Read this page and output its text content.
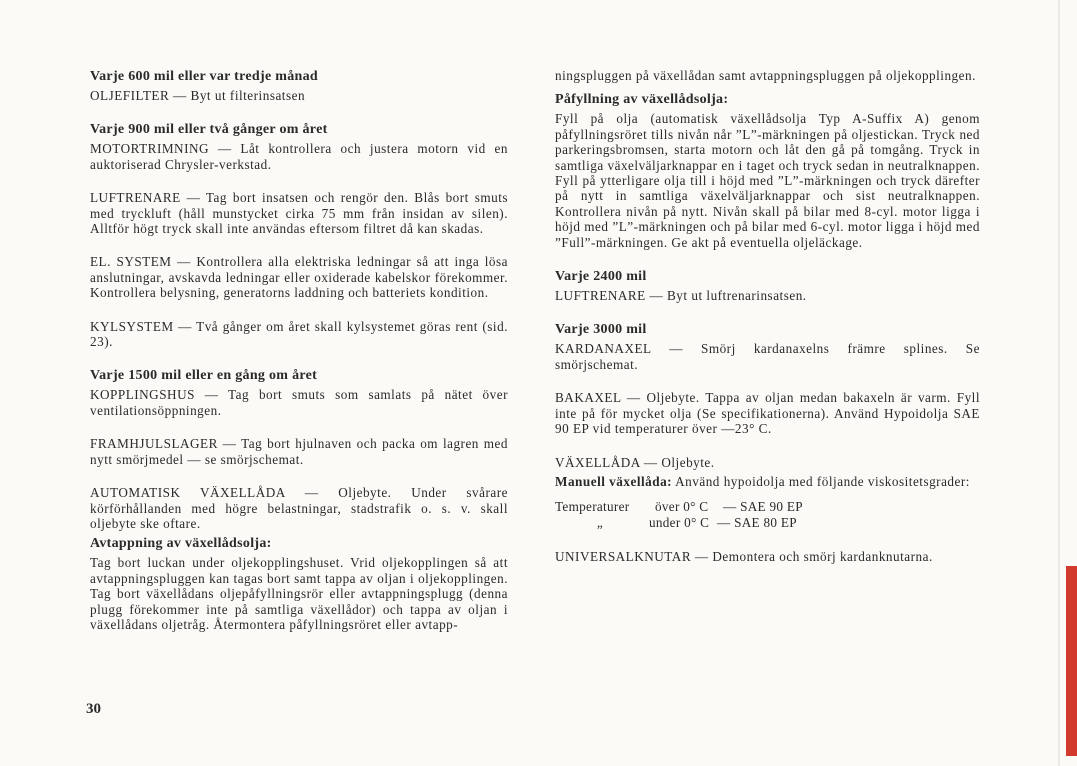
Varje 600 mil eller var tredje månad

OLJEFILTER — Byt ut filterinsatsen

Varje 900 mil eller två gånger om året

MOTORTRIMNING — Låt kontrollera och justera motorn vid en auktoriserad Chrysler-verkstad.

LUFTRENARE — Tag bort insatsen och rengör den. Blås bort smuts med tryckluft (håll munstycket cirka 75 mm från insidan av silen). Alltför högt tryck skall inte användas eftersom filtret då kan skadas.

EL. SYSTEM — Kontrollera alla elektriska ledningar så att inga lösa anslutningar, avskavda ledningar eller oxiderade kabelskor förekommer. Kontrollera belysning, generatorns laddning och batteriets kondition.

KYLSYSTEM — Två gånger om året skall kylsystemet göras rent (sid. 23).

Varje 1500 mil eller en gång om året

KOPPLINGSHUS — Tag bort smuts som samlats på nätet över ventilationsöppningen.

FRAMHJULSLAGER — Tag bort hjulnaven och packa om lagren med nytt smörjmedel — se smörjschemat.

AUTOMATISK VÄXELLÅDA — Oljebyte. Under svårare körförhållanden med högre belastningar, stadstrafik o. s. v. skall oljebyte ske oftare.

Avtappning av växellådsolja:

Tag bort luckan under oljekopplingshuset. Vrid oljekopplingen så att avtappningspluggen kan tagas bort samt tappa av oljan i oljekopplingen. Tag bort växellådans oljepåfyllningsrör eller avtappningsplugg (denna plugg förekommer inte på samtliga växellådor) och tappa av oljan i växellådans oljetråg. Återmontera påfyllningsröret eller avtapp-

ningspluggen på växellådan samt avtappningspluggen på oljekopplingen.

Påfyllning av växellådsolja:

Fyll på olja (automatisk växellådsolja Typ A-Suffix A) genom påfyllningsröret tills nivån når ”L”-märkningen på oljestickan. Tryck ned parkeringsbromsen, starta motorn och låt den gå på tomgång. Tryck in samtliga växelväljarknappar en i taget och tryck sedan in neutralknappen. Fyll på ytterligare olja till i höjd med ”L”-märkningen och tryck därefter på nytt in samtliga växelväljarknappar och sist neutralknappen. Kontrollera nivån på nytt. Nivån skall på bilar med 8-cyl. motor ligga i höjd med ”L”-märkningen och på bilar med 6-cyl. motor ligga i höjd med ”Full”-märkningen. Ge akt på eventuella oljeläckage.

Varje 2400 mil

LUFTRENARE — Byt ut luftrenarinsatsen.

Varje 3000 mil

KARDANAXEL — Smörj kardanaxelns främre splines. Se smörjschemat.

BAKAXEL — Oljebyte. Tappa av oljan medan bakaxeln är varm. Fyll inte på för mycket olja (Se specifikationerna). Använd Hypoidolja SAE 90 EP vid temperaturer över —23° C.

VÄXELLÅDA — Oljebyte.

Manuell växellåda: Använd hypoidolja med följande viskositetsgrader:

Temperaturer	över 0° C	— SAE 90 EP
„	under 0° C — SAE 80 EP

UNIVERSALKNUTAR — Demontera och smörj kardanknutarna.

30
